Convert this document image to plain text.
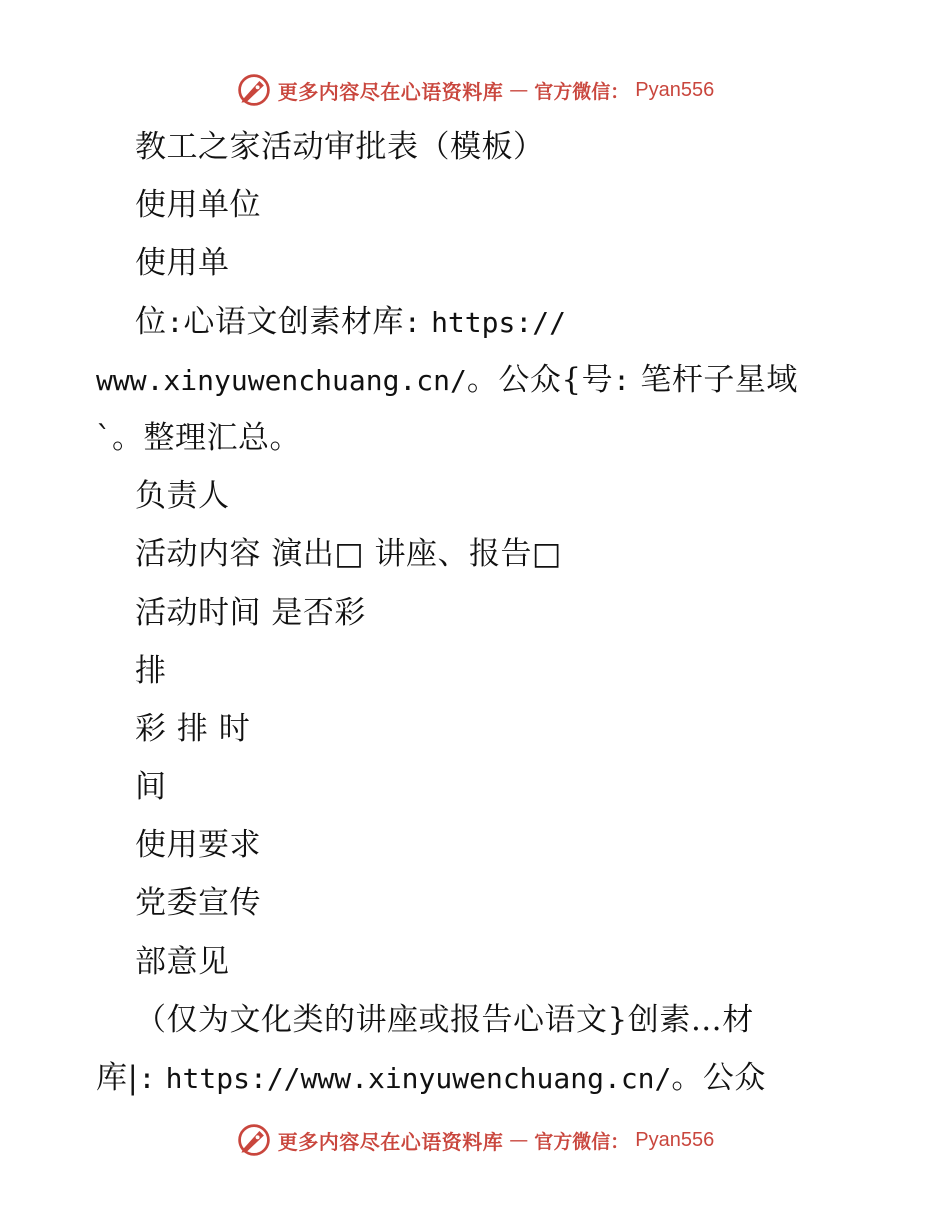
更多内容尽在心语资料库 — 官方微信： Pyan556
教工之家活动审批表（模板）
使用单位
使用单
位:心语文创素材库: https://
www.xinyuwenchuang.cn/。公众{号: 笔杆子星域
`。整理汇总。
负责人
活动内容 演出□ 讲座、报告□
活动时间 是否彩
排
彩 排 时
间
使用要求
党委宣传
部意见
（仅为文化类的讲座或报告心语文}创素…材
库|: https://www.xinyuwenchuang.cn/。公众
更多内容尽在心语资料库 — 官方微信： Pyan556
